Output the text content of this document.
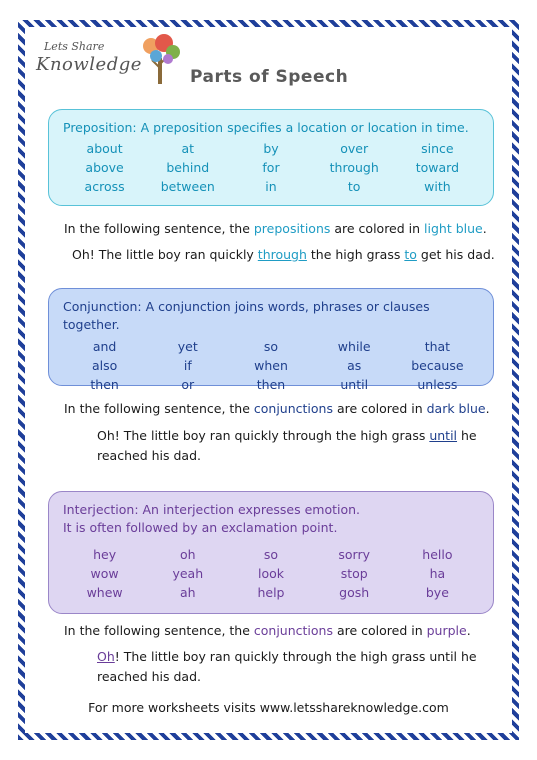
Lets Share
Knowledge
Parts of Speech
Preposition: A preposition specifies a location or location in time.
about	at	by	over	since
above	behind	for	through	toward
across	between	in	to	with
In the following sentence, the prepositions are colored in light blue.
Oh! The little boy ran quickly through the high grass to get his dad.
Conjunction: A conjunction joins words, phrases or clauses together.
and	yet	so	while	that
also	if	when	as	because
then	or	then	until	unless
In the following sentence, the conjunctions are colored in dark blue.
Oh! The little boy ran quickly through the high grass until he
reached his dad.
Interjection: An interjection expresses emotion.
It is often followed by an exclamation point.
hey	oh	so	sorry	hello
wow	yeah	look	stop	ha
whew	ah	help	gosh	bye
In the following sentence, the conjunctions are colored in purple.
Oh! The little boy ran quickly through the high grass until he
reached his dad.
For more worksheets visits www.letsshareknowledge.com
